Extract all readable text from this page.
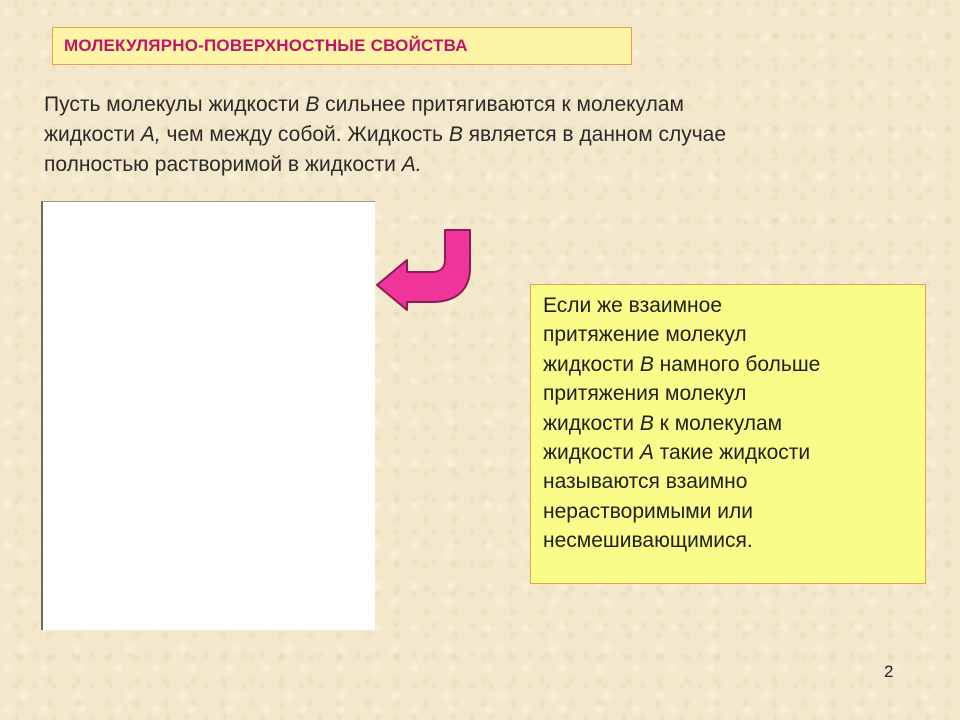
МОЛЕКУЛЯРНО-ПОВЕРХНОСТНЫЕ СВОЙСТВА
Пусть молекулы жидкости B сильнее притягиваются к молекулам
жидкости А, чем между собой. Жидкость В является в данном случае
полностью растворимой в жидкости А.
Если же взаимное
притяжение молекул
жидкости В намного больше
притяжения молекул
жидкости В к молекулам
жидкости А такие жидкости
называются взаимно
нерастворимыми или
несмешивающимися.
2
